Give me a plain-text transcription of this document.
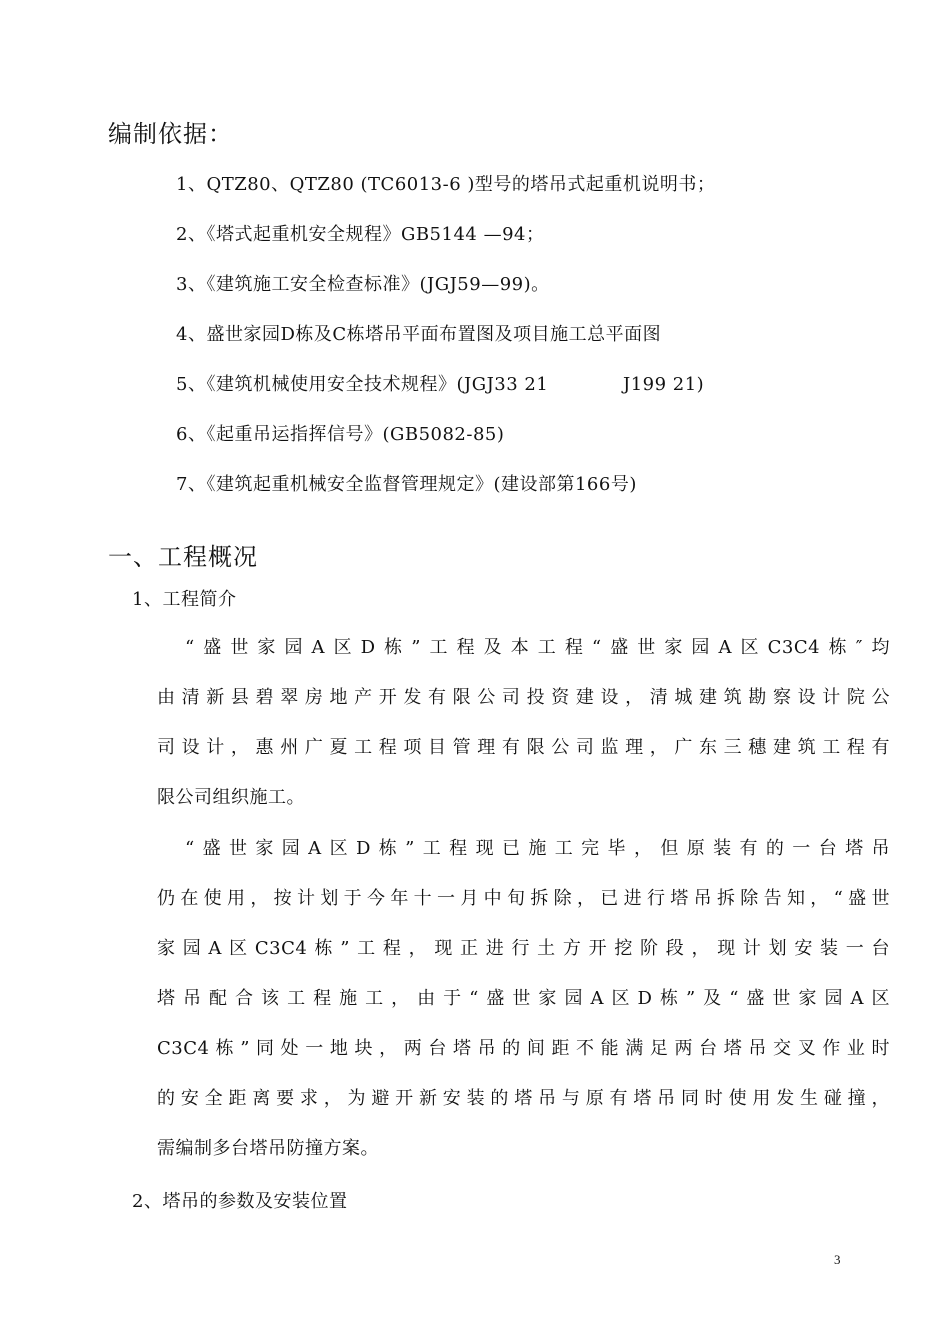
编制依据：
1、QTZ80、QTZ80 (TC6013-6 )型号的塔吊式起重机说明书；
2、《塔式起重机安全规程》GB5144 —94；
3、《建筑施工安全检查标准》(JGJ59—99)。
4、盛世家园D栋及C栋塔吊平面布置图及项目施工总平面图
5、《建筑机械使用安全技术规程》(JGJ33 21            J199 21)
6、《起重吊运指挥信号》(GB5082-85)
7、《建筑起重机械安全监督管理规定》(建设部第166号)
一、工程概况
1、工程简介
“盛世家园A区D栋”工程及本工程“盛世家园A区C3C4栋″均
由清新县碧翠房地产开发有限公司投资建设，清城建筑勘察设计院公
司设计，惠州广夏工程项目管理有限公司监理，广东三穗建筑工程有
限公司组织施工。
“盛世家园A区D栋”工程现已施工完毕，但原装有的一台塔吊
仍在使用，按计划于今年十一月中旬拆除，已进行塔吊拆除告知，“盛世
家园A区C3C4栋”工程，现正进行土方开挖阶段，现计划安装一台
塔吊配合该工程施工，由于“盛世家园A区D栋”及“盛世家园A区
C3C4栋”同处一地块，两台塔吊的间距不能满足两台塔吊交叉作业时
的安全距离要求，为避开新安装的塔吊与原有塔吊同时使用发生碰撞，
需编制多台塔吊防撞方案。
2、塔吊的参数及安装位置
3
